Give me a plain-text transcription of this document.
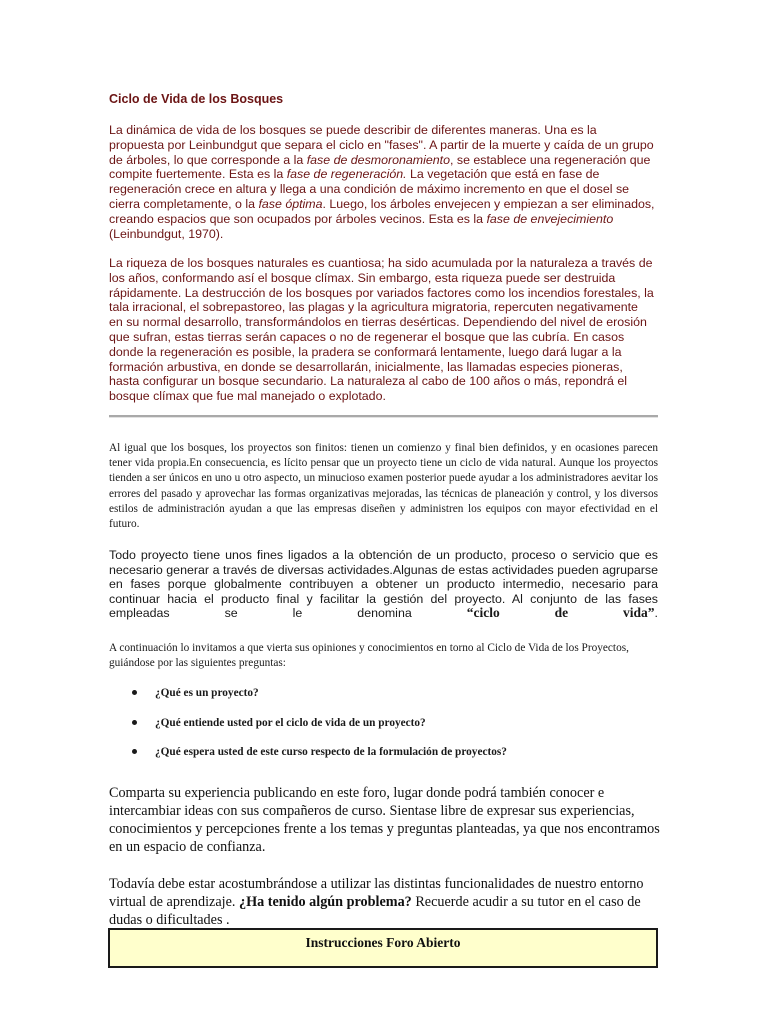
Ciclo de Vida de los Bosques

La dinámica de vida de los bosques se puede describir de diferentes maneras. Una es la propuesta por Leinbundgut que separa el ciclo en "fases". A partir de la muerte y caída de un grupo de árboles, lo que corresponde a la fase de desmoronamiento, se establece una regeneración que compite fuertemente. Esta es la fase de regeneración. La vegetación que está en fase de regeneración crece en altura y llega a una condición de máximo incremento en que el dosel se cierra completamente, o la fase óptima. Luego, los árboles envejecen y empiezan a ser eliminados, creando espacios que son ocupados por árboles vecinos. Esta es la fase de envejecimiento (Leinbundgut, 1970).

La riqueza de los bosques naturales es cuantiosa; ha sido acumulada por la naturaleza a través de los años, conformando así el bosque clímax. Sin embargo, esta riqueza puede ser destruida rápidamente. La destrucción de los bosques por variados factores como los incendios forestales, la tala irracional, el sobrepastoreo, las plagas y la agricultura migratoria, repercuten negativamente en su normal desarrollo, transformándolos en tierras desérticas. Dependiendo del nivel de erosión que sufran, estas tierras serán capaces o no de regenerar el bosque que las cubría. En casos donde la regeneración es posible, la pradera se conformará lentamente, luego dará lugar a la formación arbustiva, en donde se desarrollarán, inicialmente, las llamadas especies pioneras, hasta configurar un bosque secundario. La naturaleza al cabo de 100 años o más, repondrá el bosque clímax que fue mal manejado o explotado.

Al igual que los bosques, los proyectos son finitos: tienen un comienzo y final bien definidos, y en ocasiones parecen tener vida propia.En consecuencia, es lícito pensar que un proyecto tiene un ciclo de vida natural. Aunque los proyectos tienden a ser únicos en uno u otro aspecto, un minucioso examen posterior puede ayudar a los administradores aevitar los errores del pasado y aprovechar las formas organizativas mejoradas, las técnicas de planeación y control, y los diversos estilos de administración ayudan a que las empresas diseñen y administren los equipos con mayor efectividad en el futuro.

Todo proyecto tiene unos fines ligados a la obtención de un producto, proceso o servicio que es necesario generar a través de diversas actividades.Algunas de estas actividades pueden agruparse en fases porque globalmente contribuyen a obtener un producto intermedio, necesario para continuar hacia el producto final y facilitar la gestión del proyecto. Al conjunto de las fases empleadas se le denomina “ciclo de vida”.

A continuación lo invitamos a que vierta sus opiniones y conocimientos en torno al Ciclo de Vida de los Proyectos, guiándose por las siguientes preguntas:

¿Qué es un proyecto?
¿Qué entiende usted por el ciclo de vida de un proyecto?
¿Qué espera usted de este curso respecto de la formulación de proyectos?

Comparta su experiencia publicando en este foro, lugar donde podrá también conocer e intercambiar ideas con sus compañeros de curso. Sientase libre de expresar sus experiencias, conocimientos y percepciones frente a los temas y preguntas planteadas, ya que nos encontramos en un espacio de confianza.

Todavía debe estar acostumbrándose a utilizar las distintas funcionalidades de nuestro entorno virtual de aprendizaje. ¿Ha tenido algún problema? Recuerde acudir a su tutor en el caso de dudas o dificultades .

Instrucciones Foro Abierto
